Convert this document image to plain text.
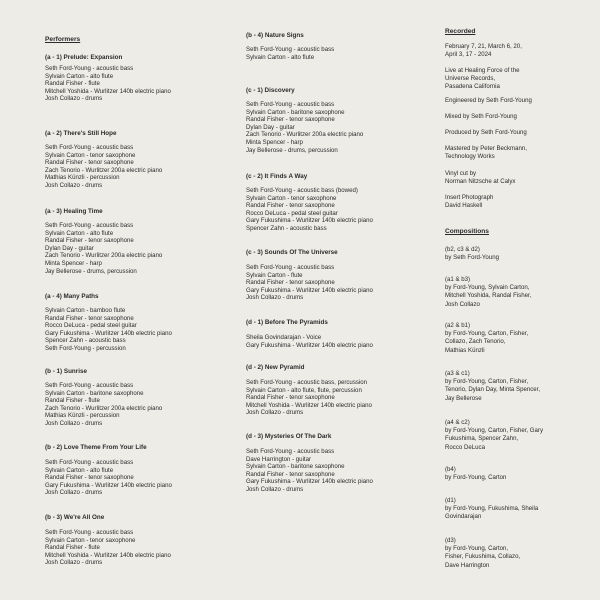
Performers
(a - 1) Prelude: Expansion
Seth Ford-Young - acoustic bass
Sylvain Carton - alto flute
Randal Fisher - flute
Mitchell Yoshida - Wurlitzer 140b electric piano
Josh Collazo - drums
(a - 2) There's Still Hope
Seth Ford-Young - acoustic bass
Sylvain Carton - tenor saxophone
Randal Fisher - tenor saxophone
Zach Tenorio - Wurlitzer 200a electric piano
Mathias Künzli - percussion
Josh Collazo - drums
(a - 3) Healing Time
Seth Ford-Young - acoustic bass
Sylvain Carton - alto flute
Randal Fisher - tenor saxophone
Dylan Day - guitar
Zach Tenorio - Wurlitzer 200a electric piano
Minta Spencer - harp
Jay Bellerose - drums, percussion
(a - 4) Many Paths
Sylvain Carton - bamboo flute
Randal Fisher - tenor saxophone
Rocco DeLuca - pedal steel guitar
Gary Fukushima - Wurlitzer 140b electric piano
Spencer Zahn - acoustic bass
Seth Ford-Young - percussion
(b - 1) Sunrise
Seth Ford-Young - acoustic bass
Sylvain Carton - baritone saxophone
Randal Fisher - flute
Zach Tenorio - Wurlitzer 200a electric piano
Mathias Künzli - percussion
Josh Collazo - drums
(b - 2) Love Theme From Your Life
Seth Ford-Young - acoustic bass
Sylvain Carton - alto flute
Randal Fisher - tenor saxophone
Gary Fukushima - Wurlitzer 140b electric piano
Josh Collazo - drums
(b - 3) We're All One
Seth Ford-Young - acoustic bass
Sylvain Carton - tenor saxophone
Randal Fisher - flute
Mitchell Yoshida - Wurlitzer 140b electric piano
Josh Collazo - drums
(b - 4) Nature Signs
Seth Ford-Young - acoustic bass
Sylvain Carton - alto flute
(c - 1) Discovery
Seth Ford-Young - acoustic bass
Sylvain Carton - baritone saxophone
Randal Fisher - tenor saxophone
Dylan Day - guitar
Zach Tenorio - Wurlitzer 200a electric piano
Minta Spencer - harp
Jay Bellerose - drums, percussion
(c - 2) It Finds A Way
Seth Ford-Young - acoustic bass (bowed)
Sylvain Carton - tenor saxophone
Randal Fisher - tenor saxophone
Rocco DeLuca - pedal steel guitar
Gary Fukushima - Wurlitzer 140b electric piano
Spencer Zahn - acoustic bass
(c - 3) Sounds Of The Universe
Seth Ford-Young - acoustic bass
Sylvain Carton - flute
Randal Fisher - tenor saxophone
Gary Fukushima - Wurlitzer 140b electric piano
Josh Collazo - drums
(d - 1) Before The Pyramids
Sheila Govindarajan - Voice
Gary Fukushima - Wurlitzer 140b electric piano
(d - 2) New Pyramid
Seth Ford-Young - acoustic bass, percussion
Sylvain Carton - alto flute, flute, percussion
Randal Fisher - tenor saxophone
Mitchell Yoshida - Wurlitzer 140b electric piano
Josh Collazo - drums
(d - 3) Mysteries Of The Dark
Seth Ford-Young - acoustic bass
Dave Harrington - guitar
Sylvain Carton - baritone saxophone
Randal Fisher - tenor saxophone
Gary Fukushima - Wurlitzer 140b electric piano
Josh Collazo - drums
Recorded
February 7, 21, March 6, 20,
April 3, 17 - 2024
Live at Healing Force of the
Universe Records,
Pasadena California
Engineered by Seth Ford-Young
Mixed by Seth Ford-Young
Produced by Seth Ford-Young
Mastered by Peter Beckmann,
Technology Works
Vinyl cut by
Norman Nitzsche at Calyx
Insert Photograph
David Haskell
Compositions
(b2, c3 & d2)
by Seth Ford-Young
(a1 & b3)
by Ford-Young, Sylvain Carton,
Mitchell Yoshida, Randal Fisher,
Josh Collazo
(a2 & b1)
by Ford-Young, Carton, Fisher,
Collazo, Zach Tenorio,
Mathias Künzli
(a3 & c1)
by Ford-Young, Carton, Fisher,
Tenorio, Dylan Day, Minta Spencer,
Jay Bellerose
(a4 & c2)
by Ford-Young, Carton, Fisher, Gary
Fukushima, Spencer Zahn,
Rocco DeLuca
(b4)
by Ford-Young, Carton
(d1)
by Ford-Young, Fukushima, Sheila
Govindarajan
(d3)
by Ford-Young, Carton,
Fisher, Fukushima, Collazo,
Dave Harrington
